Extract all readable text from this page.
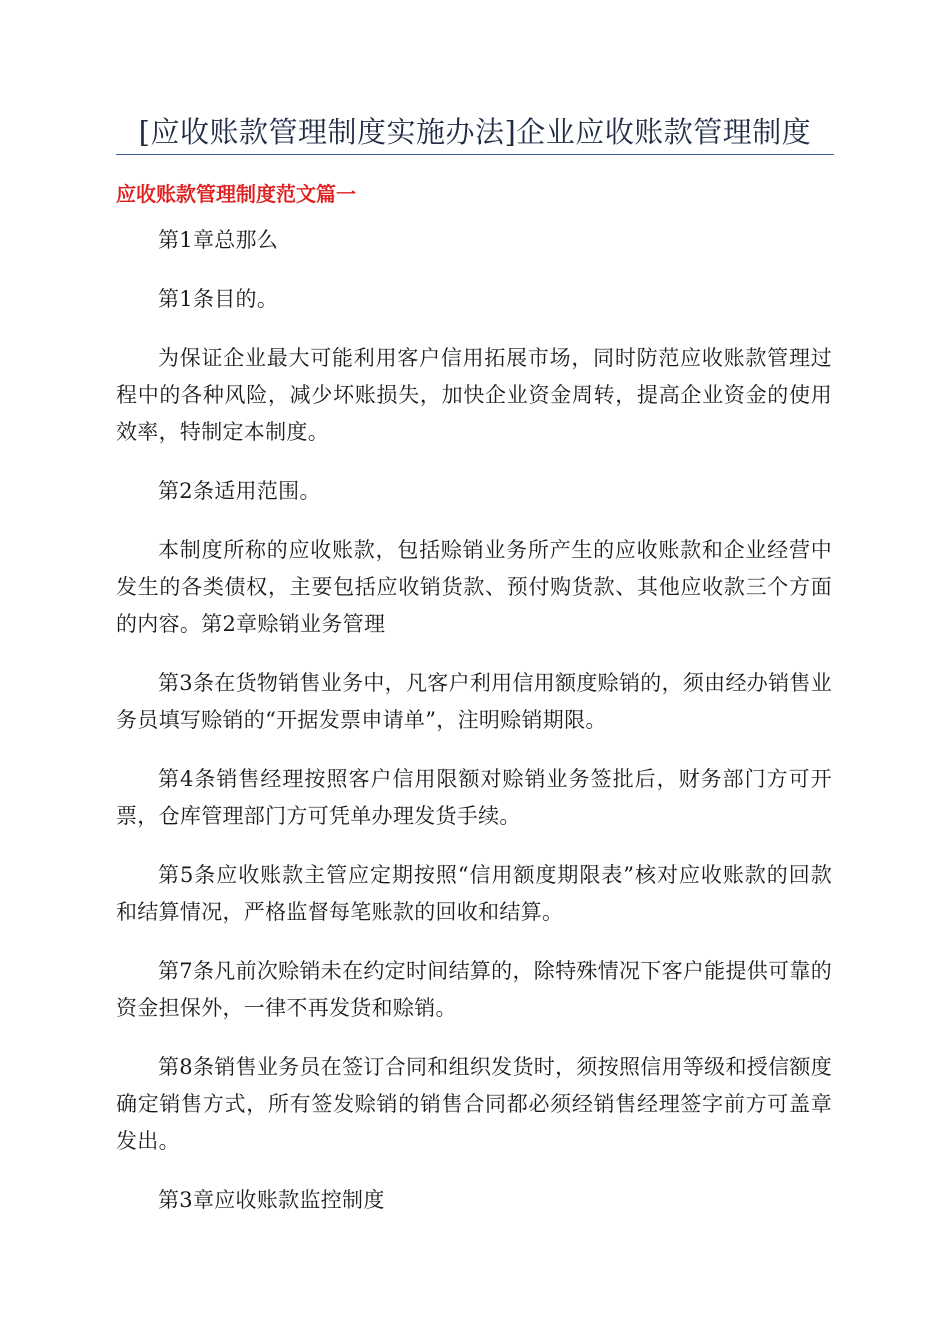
[应收账款管理制度实施办法]企业应收账款管理制度
应收账款管理制度范文篇一

第1章总那么

第1条目的。

为保证企业最大可能利用客户信用拓展市场，同时防范应收账款管理过程中的各种风险，减少坏账损失，加快企业资金周转，提高企业资金的使用效率，特制定本制度。

第2条适用范围。

本制度所称的应收账款，包括赊销业务所产生的应收账款和企业经营中发生的各类债权，主要包括应收销货款、预付购货款、其他应收款三个方面的内容。第2章赊销业务管理

第3条在货物销售业务中，凡客户利用信用额度赊销的，须由经办销售业务员填写赊销的“开据发票申请单”，注明赊销期限。

第4条销售经理按照客户信用限额对赊销业务签批后，财务部门方可开票，仓库管理部门方可凭单办理发货手续。

第5条应收账款主管应定期按照“信用额度期限表”核对应收账款的回款和结算情况，严格监督每笔账款的回收和结算。

第7条凡前次赊销未在约定时间结算的，除特殊情况下客户能提供可靠的资金担保外，一律不再发货和赊销。

第8条销售业务员在签订合同和组织发货时，须按照信用等级和授信额度确定销售方式，所有签发赊销的销售合同都必须经销售经理签字前方可盖章发出。

第3章应收账款监控制度
